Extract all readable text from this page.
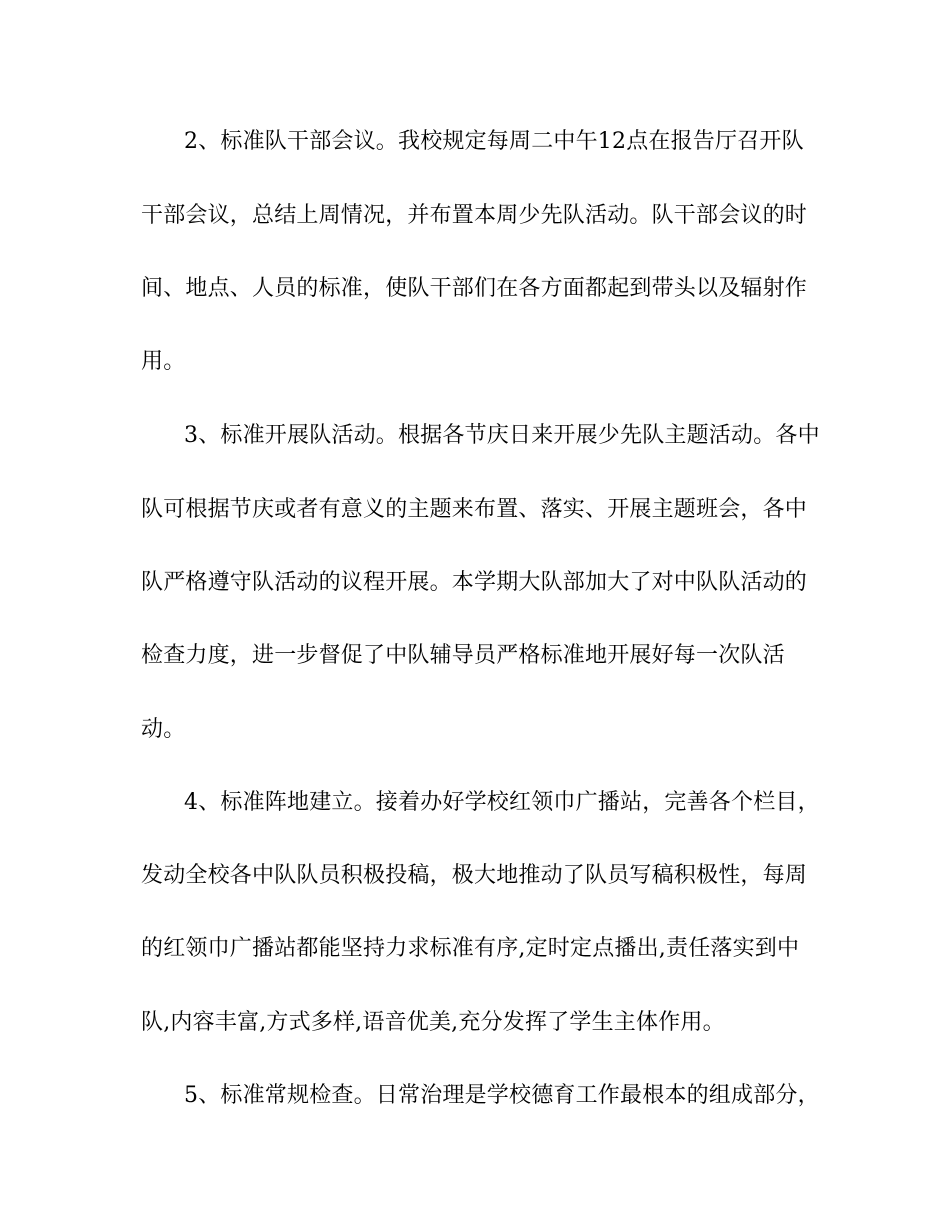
2、标准队干部会议。我校规定每周二中午12点在报告厅召开队
干部会议，总结上周情况，并布置本周少先队活动。队干部会议的时
间、地点、人员的标准，使队干部们在各方面都起到带头以及辐射作
用。
3、标准开展队活动。根据各节庆日来开展少先队主题活动。各中
队可根据节庆或者有意义的主题来布置、落实、开展主题班会，各中
队严格遵守队活动的议程开展。本学期大队部加大了对中队队活动的
检查力度，进一步督促了中队辅导员严格标准地开展好每一次队活
动。
4、标准阵地建立。接着办好学校红领巾广播站，完善各个栏目，
发动全校各中队队员积极投稿，极大地推动了队员写稿积极性，每周
的红领巾广播站都能坚持力求标准有序,定时定点播出,责任落实到中
队,内容丰富,方式多样,语音优美,充分发挥了学生主体作用。
5、标准常规检查。日常治理是学校德育工作最根本的组成部分，
